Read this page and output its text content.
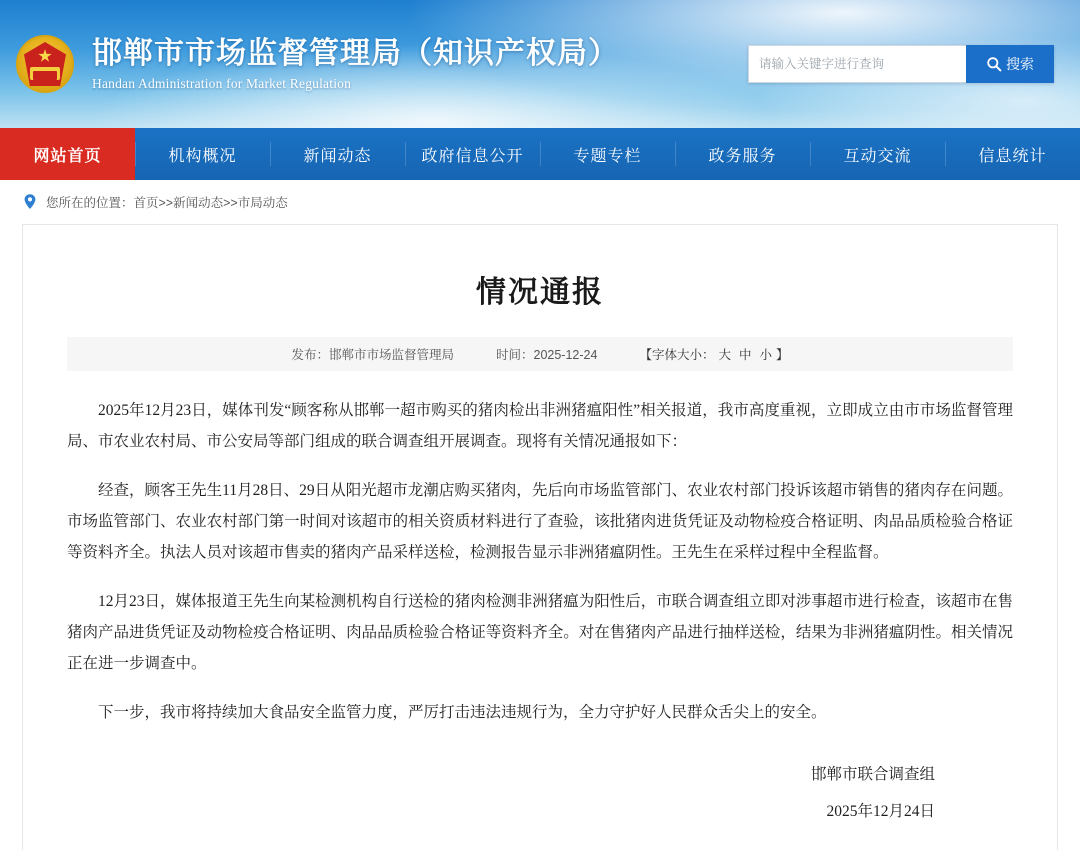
邯郸市市场监督管理局（知识产权局）
Handan Administration for Market Regulation
请输入关键字进行查询
搜索
网站首页	机构概况	新闻动态	政府信息公开	专题专栏	政务服务	互动交流	信息统计
您所在的位置：首页>>新闻动态>>市局动态
情况通报
发布：邯郸市市场监督管理局	时间：2025-12-24	【字体大小： 大 中 小 】

2025年12月23日，媒体刊发“顾客称从邯郸一超市购买的猪肉检出非洲猪瘟阳性”相关报道，我市高度重视，立即成立由市市场监督管理局、市农业农村局、市公安局等部门组成的联合调查组开展调查。现将有关情况通报如下：

经查，顾客王先生11月28日、29日从阳光超市龙潮店购买猪肉，先后向市场监管部门、农业农村部门投诉该超市销售的猪肉存在问题。市场监管部门、农业农村部门第一时间对该超市的相关资质材料进行了查验，该批猪肉进货凭证及动物检疫合格证明、肉品品质检验合格证等资料齐全。执法人员对该超市售卖的猪肉产品采样送检，检测报告显示非洲猪瘟阴性。王先生在采样过程中全程监督。

12月23日，媒体报道王先生向某检测机构自行送检的猪肉检测非洲猪瘟为阳性后，市联合调查组立即对涉事超市进行检查，该超市在售猪肉产品进货凭证及动物检疫合格证明、肉品品质检验合格证等资料齐全。对在售猪肉产品进行抽样送检，结果为非洲猪瘟阴性。相关情况正在进一步调查中。

下一步，我市将持续加大食品安全监管力度，严厉打击违法违规行为，全力守护好人民群众舌尖上的安全。

邯郸市联合调查组
2025年12月24日
